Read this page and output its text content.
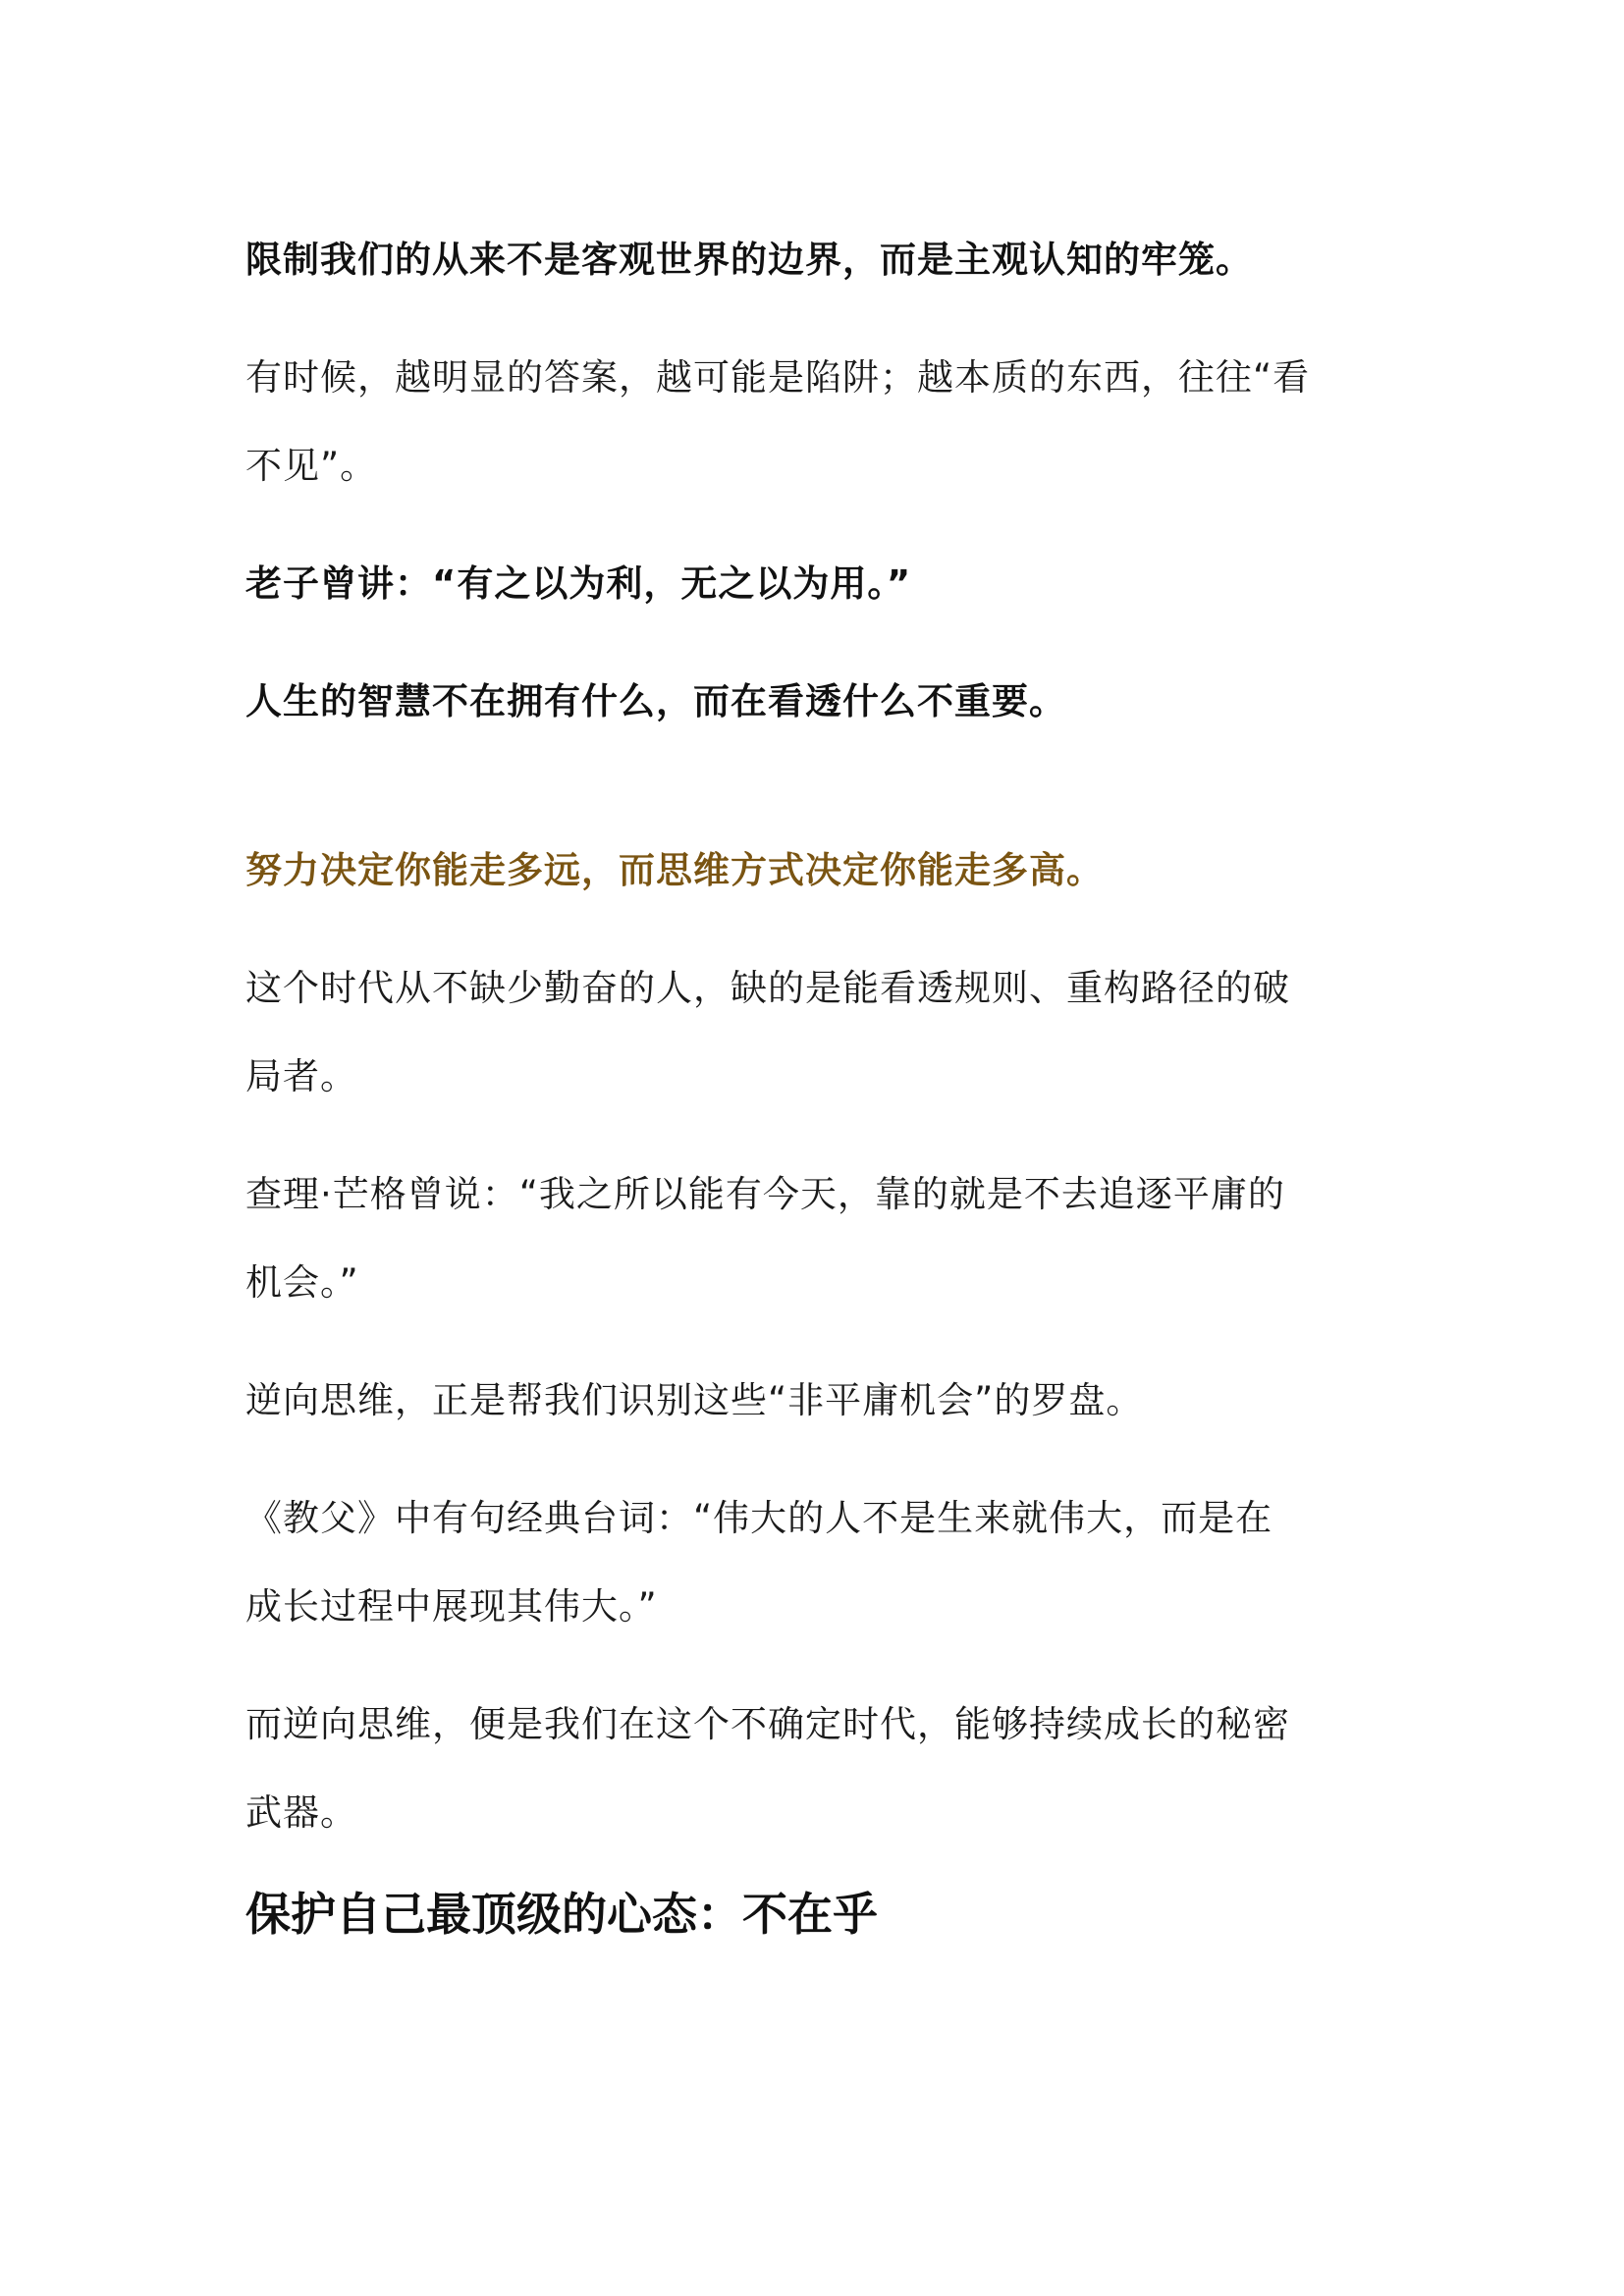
限制我们的从来不是客观世界的边界，而是主观认知的牢笼。

有时候，越明显的答案，越可能是陷阱；越本质的东西，往往“看
不见”。

老子曾讲：“有之以为利，无之以为用。”

人生的智慧不在拥有什么，而在看透什么不重要。

努力决定你能走多远，而思维方式决定你能走多高。

这个时代从不缺少勤奋的人，缺的是能看透规则、重构路径的破
局者。

查理·芒格曾说：“我之所以能有今天，靠的就是不去追逐平庸的
机会。”

逆向思维，正是帮我们识别这些“非平庸机会”的罗盘。

《教父》中有句经典台词：“伟大的人不是生来就伟大，而是在
成长过程中展现其伟大。”

而逆向思维，便是我们在这个不确定时代，能够持续成长的秘密
武器。

保护自己最顶级的心态：不在乎
